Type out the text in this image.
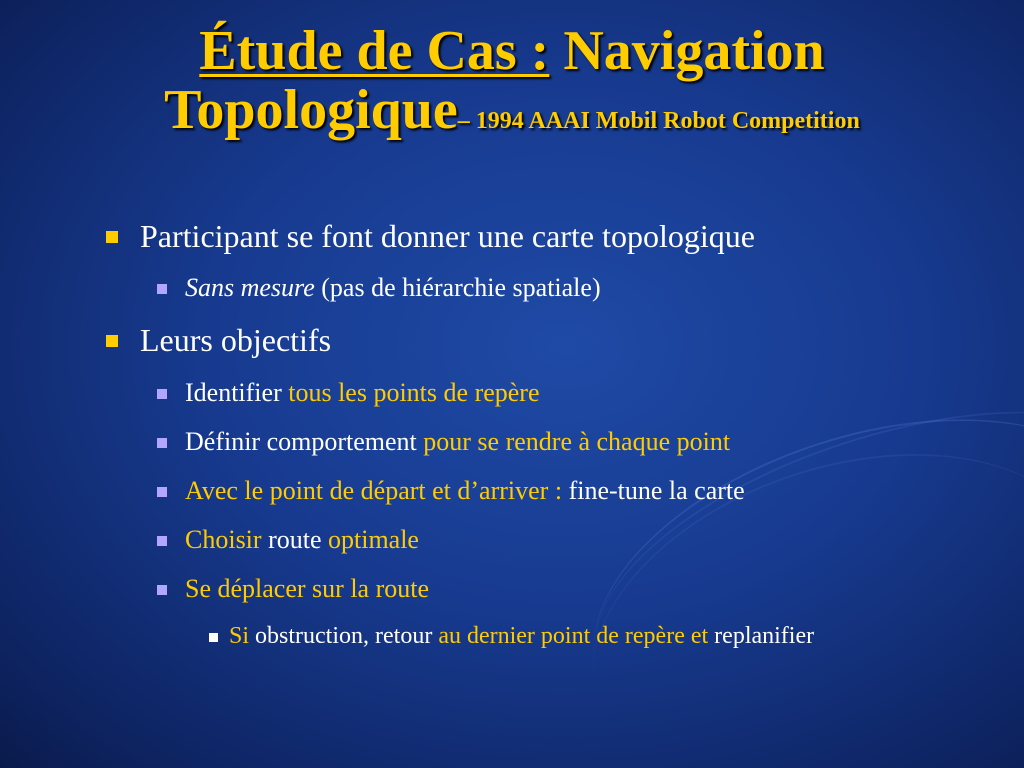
Étude de Cas : Navigation
Topologique– 1994 AAAI Mobil Robot Competition
Participant se font donner une carte topologique
Sans mesure (pas de hiérarchie spatiale)
Leurs objectifs
Identifier tous les points de repère
Définir comportement pour se rendre à chaque point
Avec le point de départ et d’arriver : fine-tune la carte
Choisir route optimale
Se déplacer sur la route
Si obstruction, retour au dernier point de repère et replanifier
